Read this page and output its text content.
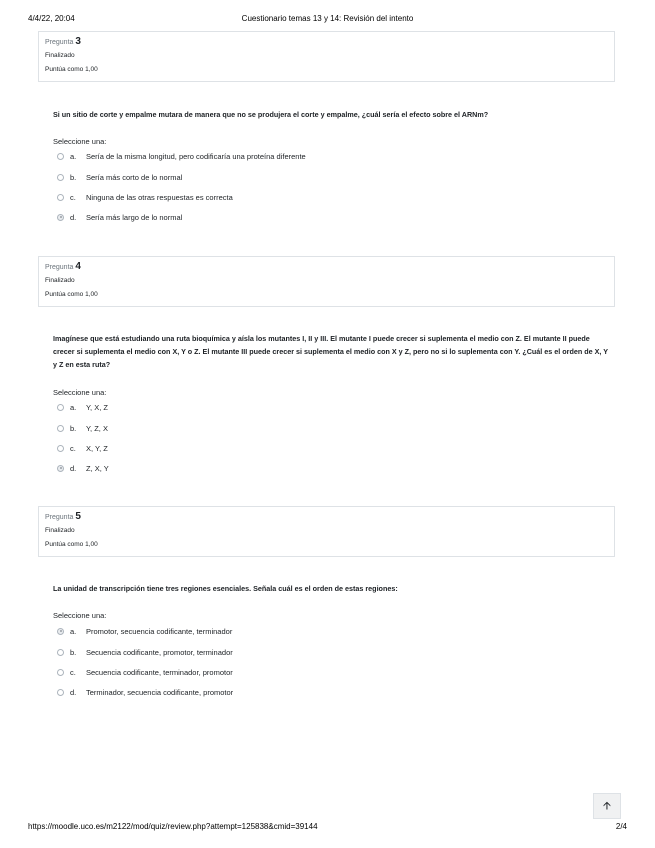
4/4/22, 20:04	Cuestionario temas 13 y 14: Revisión del intento
Pregunta 3
Finalizado
Puntúa como 1,00
Si un sitio de corte y empalme mutara de manera que no se produjera el corte y empalme, ¿cuál sería el efecto sobre el ARNm?
Seleccione una:
a.	Sería de la misma longitud, pero codificaría una proteína diferente
b.	Sería más corto de lo normal
c.	Ninguna de las otras respuestas es correcta
d.	Sería más largo de lo normal
Pregunta 4
Finalizado
Puntúa como 1,00
Imagínese que está estudiando una ruta bioquímica y aísla los mutantes I, II y III. El mutante I puede crecer si suplementa el medio con Z. El mutante II puede crecer si suplementa el medio con X, Y o Z. El mutante III puede crecer si suplementa el medio con X y Z, pero no si lo suplementa con Y. ¿Cuál es el orden de X, Y y Z en esta ruta?
Seleccione una:
a.	Y, X, Z
b.	Y, Z, X
c.	X, Y, Z
d.	Z, X, Y
Pregunta 5
Finalizado
Puntúa como 1,00
La unidad de transcripción tiene tres regiones esenciales. Señala cuál es el orden de estas regiones:
Seleccione una:
a.	Promotor, secuencia codificante, terminador
b.	Secuencia codificante, promotor, terminador
c.	Secuencia codificante, terminador, promotor
d.	Terminador, secuencia codificante, promotor
🡩
https://moodle.uco.es/m2122/mod/quiz/review.php?attempt=125838&cmid=39144	2/4
